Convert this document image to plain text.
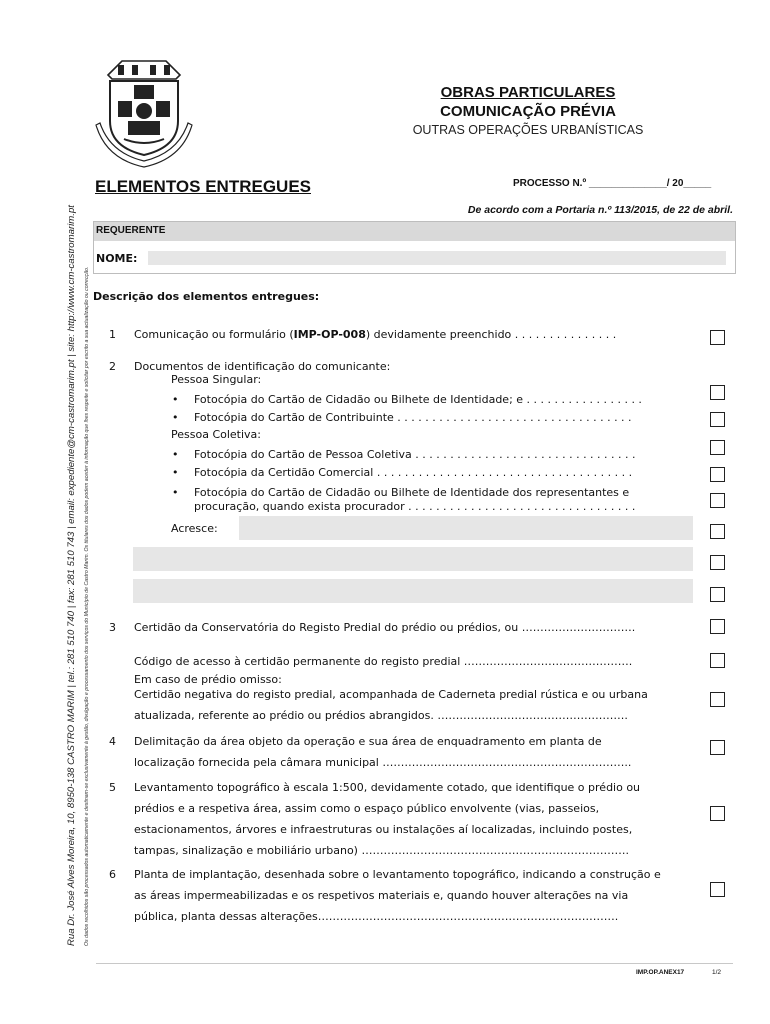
Rua Dr. José Alves Moreira, 10, 8950-138 CASTRO MARIM | tel.: 281 510 740 | fax: 281 510 743 | email: expediente@cm-castromarim.pt | site: http://www.cm-castromarim.pt Os dados recolhidos são processados automaticamente e destinam-se exclusivamente à gestão, divulgação e processamento dos serviços do Município de Castro Marim. Os titulares dos dados podem aceder à informação que lhes respeite e solicitar por escrito a sua actualização ou correcção.
OBRAS PARTICULARES
COMUNICAÇÃO PRÉVIA
OUTRAS OPERAÇÕES URBANÍSTICAS
ELEMENTOS ENTREGUES	PROCESSO N.º ______________/ 20_____
De acordo com a Portaria n.º 113/2015, de 22 de abril.
REQUERENTE
NOME:
Descrição dos elementos entregues:
1 Comunicação ou formulário (IMP-OP-008) devidamente preenchido . . . . . . . . . . . . . . .
2 Documentos de identificação do comunicante:
Pessoa Singular:
• Fotocópia do Cartão de Cidadão ou Bilhete de Identidade; e . . . . . . . . . . . . . . . . .
• Fotocópia do Cartão de Contribuinte . . . . . . . . . . . . . . . . . . . . . . . . . . . . . . . . . .
Pessoa Coletiva:
• Fotocópia do Cartão de Pessoa Coletiva . . . . . . . . . . . . . . . . . . . . . . . . . . . . . . . .
• Fotocópia da Certidão Comercial . . . . . . . . . . . . . . . . . . . . . . . . . . . . . . . . . . . . .
• Fotocópia do Cartão de Cidadão ou Bilhete de Identidade dos representantes e
procuração, quando exista procurador . . . . . . . . . . . . . . . . . . . . . . . . . . . . . . . . .
Acresce:
3 Certidão da Conservatória do Registo Predial do prédio ou prédios, ou ………………………….
Código de acesso à certidão permanente do registo predial ……………………………………….
Em caso de prédio omisso:
Certidão negativa do registo predial, acompanhada de Caderneta predial rústica e ou urbana
atualizada, referente ao prédio ou prédios abrangidos. …………………………………………….
4 Delimitação da área objeto da operação e sua área de enquadramento em planta de
localização fornecida pela câmara municipal …………………………………………………………..
5 Levantamento topográfico à escala 1:500, devidamente cotado, que identifique o prédio ou
prédios e a respetiva área, assim como o espaço público envolvente (vias, passeios,
estacionamentos, árvores e infraestruturas ou instalações aí localizadas, incluindo postes,
tampas, sinalização e mobiliário urbano) ……………………………………………………………….
6 Planta de implantação, desenhada sobre o levantamento topográfico, indicando a construção e
as áreas impermeabilizadas e os respetivos materiais e, quando houver alterações na via
pública, planta dessas alterações……………………………………………………………………….
IMP.OP.ANEX17	1/2
